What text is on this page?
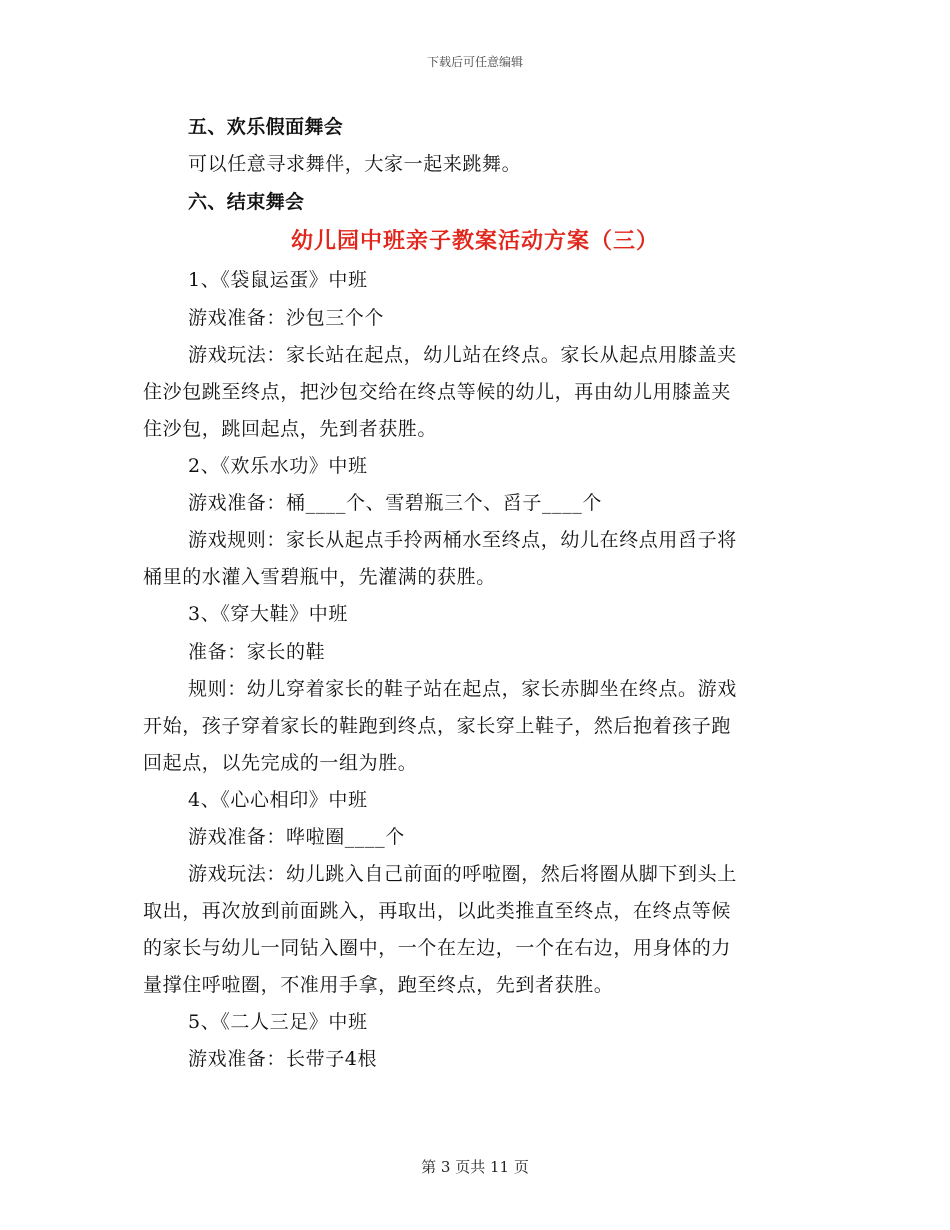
下载后可任意编辑
五、欢乐假面舞会
可以任意寻求舞伴，大家一起来跳舞。
六、结束舞会
幼儿园中班亲子教案活动方案（三）
1、《袋鼠运蛋》中班
游戏准备：沙包三个个
游戏玩法：家长站在起点，幼儿站在终点。家长从起点用膝盖夹
住沙包跳至终点，把沙包交给在终点等候的幼儿，再由幼儿用膝盖夹
住沙包，跳回起点，先到者获胜。
2、《欢乐水功》中班
游戏准备：桶____个、雪碧瓶三个、舀子____个
游戏规则：家长从起点手拎两桶水至终点，幼儿在终点用舀子将
桶里的水灌入雪碧瓶中，先灌满的获胜。
3、《穿大鞋》中班
准备：家长的鞋
规则：幼儿穿着家长的鞋子站在起点，家长赤脚坐在终点。游戏
开始，孩子穿着家长的鞋跑到终点，家长穿上鞋子，然后抱着孩子跑
回起点，以先完成的一组为胜。
4、《心心相印》中班
游戏准备：哗啦圈____个
游戏玩法：幼儿跳入自己前面的呼啦圈，然后将圈从脚下到头上
取出，再次放到前面跳入，再取出，以此类推直至终点，在终点等候
的家长与幼儿一同钻入圈中，一个在左边，一个在右边，用身体的力
量撑住呼啦圈，不准用手拿，跑至终点，先到者获胜。
5、《二人三足》中班
游戏准备：长带子4根
第 3 页共 11 页
